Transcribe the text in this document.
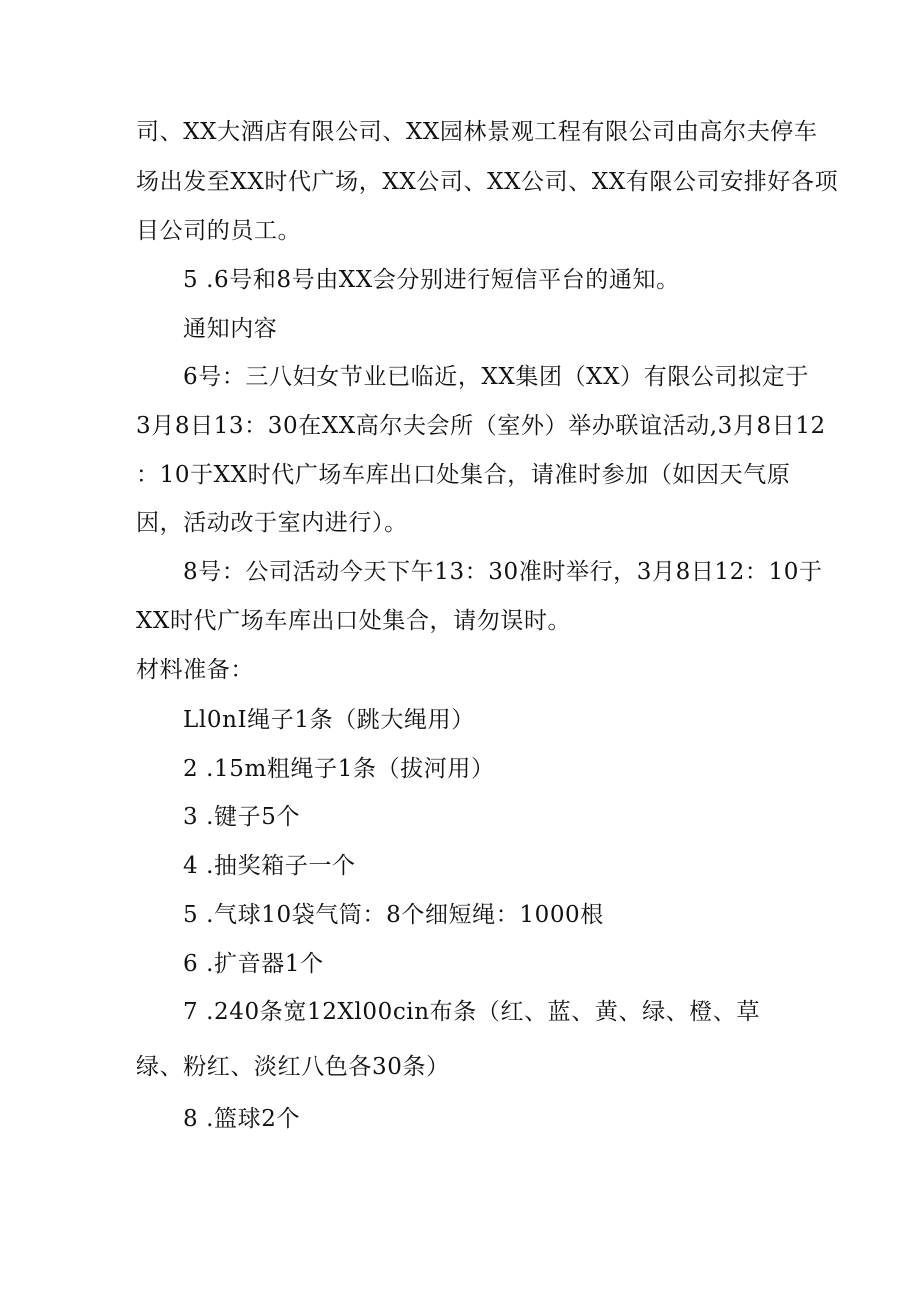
司、XX大酒店有限公司、XX园林景观工程有限公司由高尔夫停车
场出发至XX时代广场，XX公司、XX公司、XX有限公司安排好各项
目公司的员工。
5 .6号和8号由XX会分别进行短信平台的通知。
通知内容
6号：三八妇女节业已临近，XX集团（XX）有限公司拟定于
3月8日13：30在XX高尔夫会所（室外）举办联谊活动,3月8日12
：10于XX时代广场车库出口处集合，请准时参加（如因天气原
因，活动改于室内进行）。
8号：公司活动今天下午13：30准时举行，3月8日12：10于
XX时代广场车库出口处集合，请勿误时。
材料准备：
Ll0nI绳子1条（跳大绳用）
2 .15m粗绳子1条（拔河用）
3 .键子5个
4 .抽奖箱子一个
5 .气球10袋气筒：8个细短绳：1000根
6 .扩音器1个
7 .240条宽12Xl00cin布条（红、蓝、黄、绿、橙、草
绿、粉红、淡红八色各30条）
8 .篮球2个
